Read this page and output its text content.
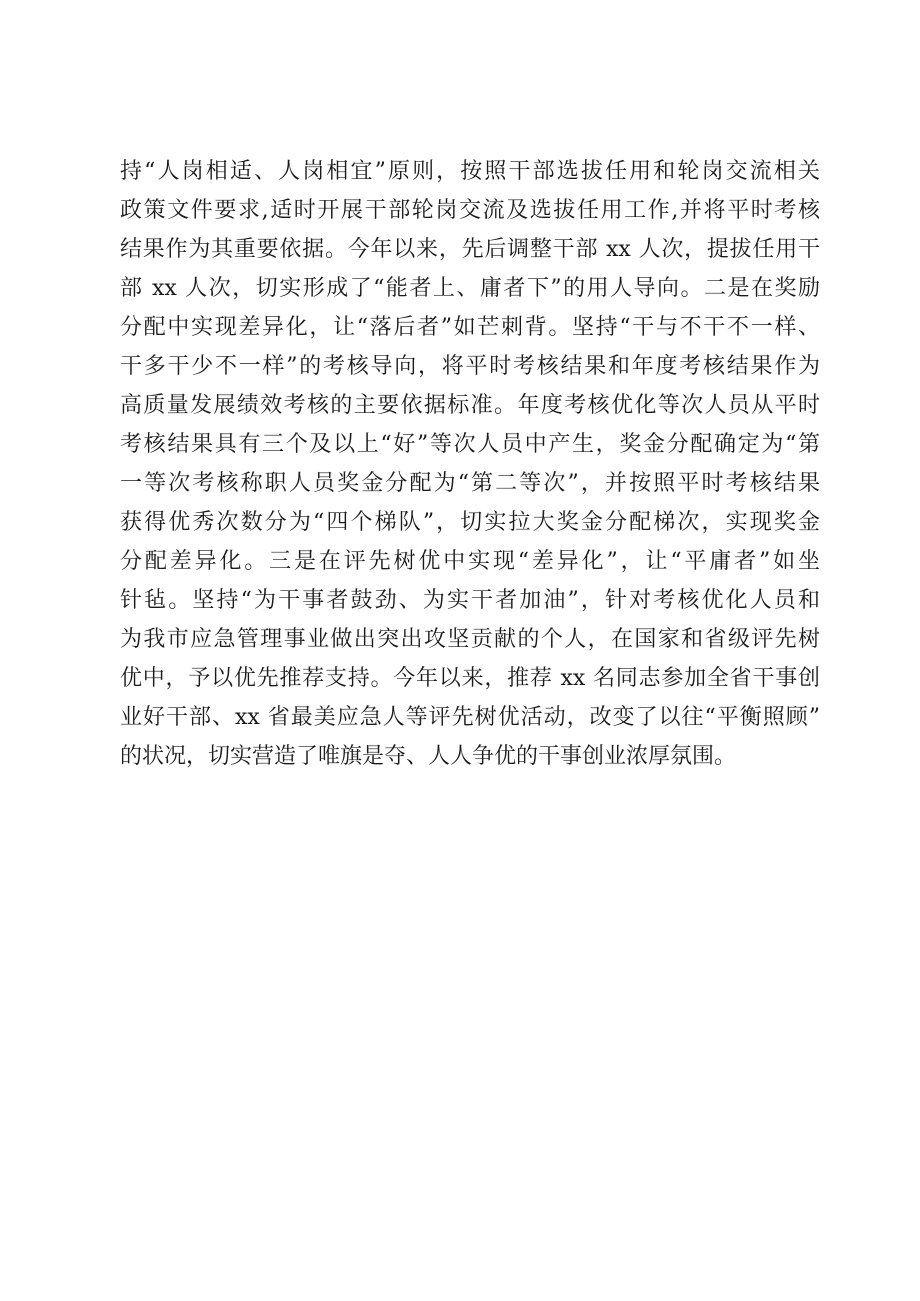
持“人岗相适、人岗相宜”原则，按照干部选拔任用和轮岗交流相关
政策文件要求,适时开展干部轮岗交流及选拔任用工作,并将平时考核
结果作为其重要依据。今年以来，先后调整干部 xx 人次，提拔任用干
部 xx 人次，切实形成了“能者上、庸者下”的用人导向。二是在奖励
分配中实现差异化，让“落后者”如芒刺背。坚持“干与不干不一样、
干多干少不一样”的考核导向，将平时考核结果和年度考核结果作为
高质量发展绩效考核的主要依据标准。年度考核优化等次人员从平时
考核结果具有三个及以上“好”等次人员中产生，奖金分配确定为“第
一等次考核称职人员奖金分配为“第二等次”，并按照平时考核结果
获得优秀次数分为“四个梯队”，切实拉大奖金分配梯次，实现奖金
分配差异化。三是在评先树优中实现“差异化”，让“平庸者”如坐
针毡。坚持“为干事者鼓劲、为实干者加油”，针对考核优化人员和
为我市应急管理事业做出突出攻坚贡献的个人，在国家和省级评先树
优中，予以优先推荐支持。今年以来，推荐 xx 名同志参加全省干事创
业好干部、xx 省最美应急人等评先树优活动，改变了以往“平衡照顾”
的状况，切实营造了唯旗是夺、人人争优的干事创业浓厚氛围。
